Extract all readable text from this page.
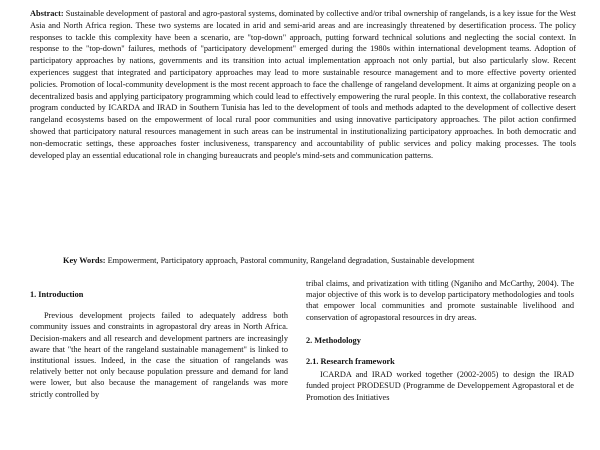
Abstract: Sustainable development of pastoral and agro-pastoral systems, dominated by collective and/or tribal ownership of rangelands, is a key issue for the West Asia and North Africa region. These two systems are located in arid and semi-arid areas and are increasingly threatened by desertification process. The policy responses to tackle this complexity have been a scenario, are "top-down" approach, putting forward technical solutions and neglecting the social context. In response to the "top-down" failures, methods of "participatory development" emerged during the 1980s within international development teams. Adoption of participatory approaches by nations, governments and its transition into actual implementation approach not only partial, but also particularly slow. Recent experiences suggest that integrated and participatory approaches may lead to more sustainable resource management and to more effective poverty oriented policies. Promotion of local-community development is the most recent approach to face the challenge of rangeland development. It aims at organizing people on a decentralized basis and applying participatory programming which could lead to effectively empowering the rural people. In this context, the collaborative research program conducted by ICARDA and IRAD in Southern Tunisia has led to the development of tools and methods adapted to the development of collective desert rangeland ecosystems based on the empowerment of local rural poor communities and using innovative participatory approaches. The pilot action confirmed showed that participatory natural resources management in such areas can be instrumental in institutionalizing participatory approaches. In both democratic and non-democratic settings, these approaches foster inclusiveness, transparency and accountability of public services and policy making processes. The tools developed play an essential educational role in changing bureaucrats and people's mind-sets and communication patterns.
Key Words: Empowerment, Participatory approach, Pastoral community, Rangeland degradation, Sustainable development
1. Introduction

Previous development projects failed to adequately address both community issues and constraints in agropastoral dry areas in North Africa. Decision-makers and all research and development partners are increasingly aware that "the heart of the rangeland sustainable management" is linked to institutional issues. Indeed, in the case the situation of rangelands was relatively better not only because population pressure and demand for land were lower, but also because the management of rangelands was more strictly controlled by

tribal claims, and privatization with titling (Nganiho and McCarthy, 2004). The major objective of this work is to develop participatory methodologies and tools that empower local communities and promote sustainable livelihood and conservation of agropastoral resources in dry areas.

2. Methodology
2.1. Research framework

ICARDA and IRAD worked together (2002-2005) to design the IRAD funded project PRODESUD (Programme de Developpement Agropastoral et de Promotion des Initiatives
